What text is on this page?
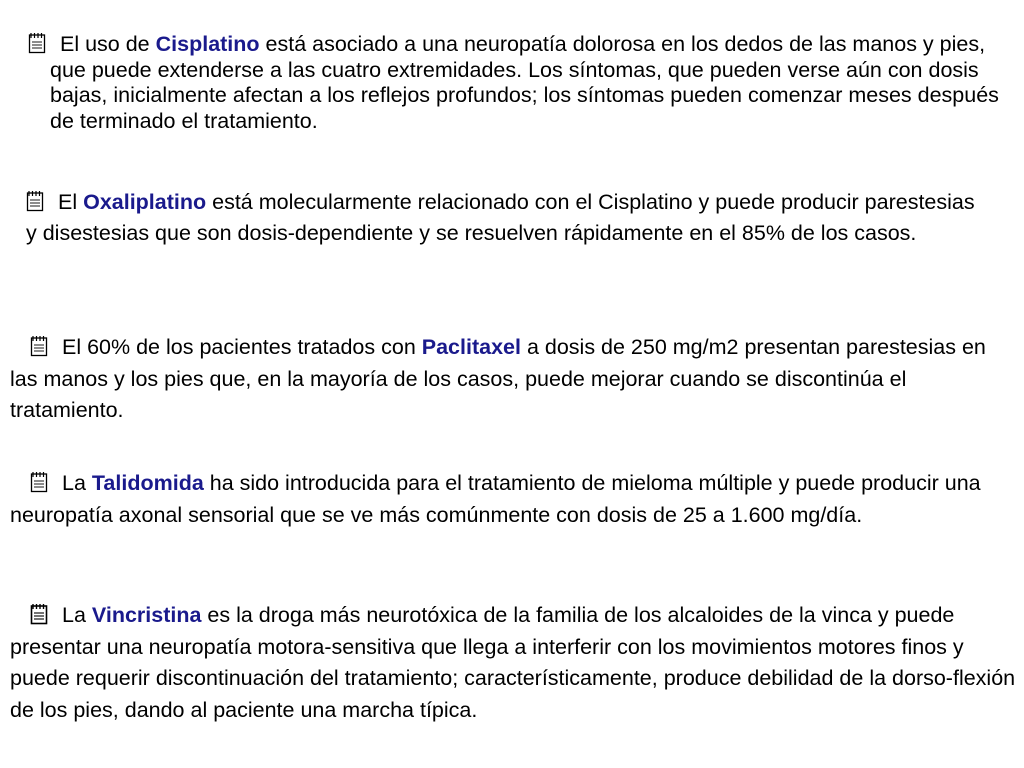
El uso de Cisplatino está asociado a una neuropatía dolorosa en los dedos de las manos y pies, que puede extenderse a las cuatro extremidades. Los síntomas, que pueden verse aún con dosis bajas, inicialmente afectan a los reflejos profundos; los síntomas pueden comenzar meses después de terminado el tratamiento.

El Oxaliplatino está molecularmente relacionado con el Cisplatino y puede producir parestesias y disestesias que son dosis-dependiente y se resuelven rápidamente en el 85% de los casos.

El 60% de los pacientes tratados con Paclitaxel a dosis de 250 mg/m2 presentan parestesias en las manos y los pies que, en la mayoría de los casos, puede mejorar cuando se discontinúa el tratamiento.

La Talidomida ha sido introducida para el tratamiento de mieloma múltiple y puede producir una neuropatía axonal sensorial que se ve más comúnmente con dosis de 25 a 1.600 mg/día.

La Vincristina es la droga más neurotóxica de la familia de los alcaloides de la vinca y puede presentar una neuropatía motora-sensitiva que llega a interferir con los movimientos motores finos y puede requerir discontinuación del tratamiento; característicamente, produce debilidad de la dorso-flexión de los pies, dando al paciente una marcha típica.
